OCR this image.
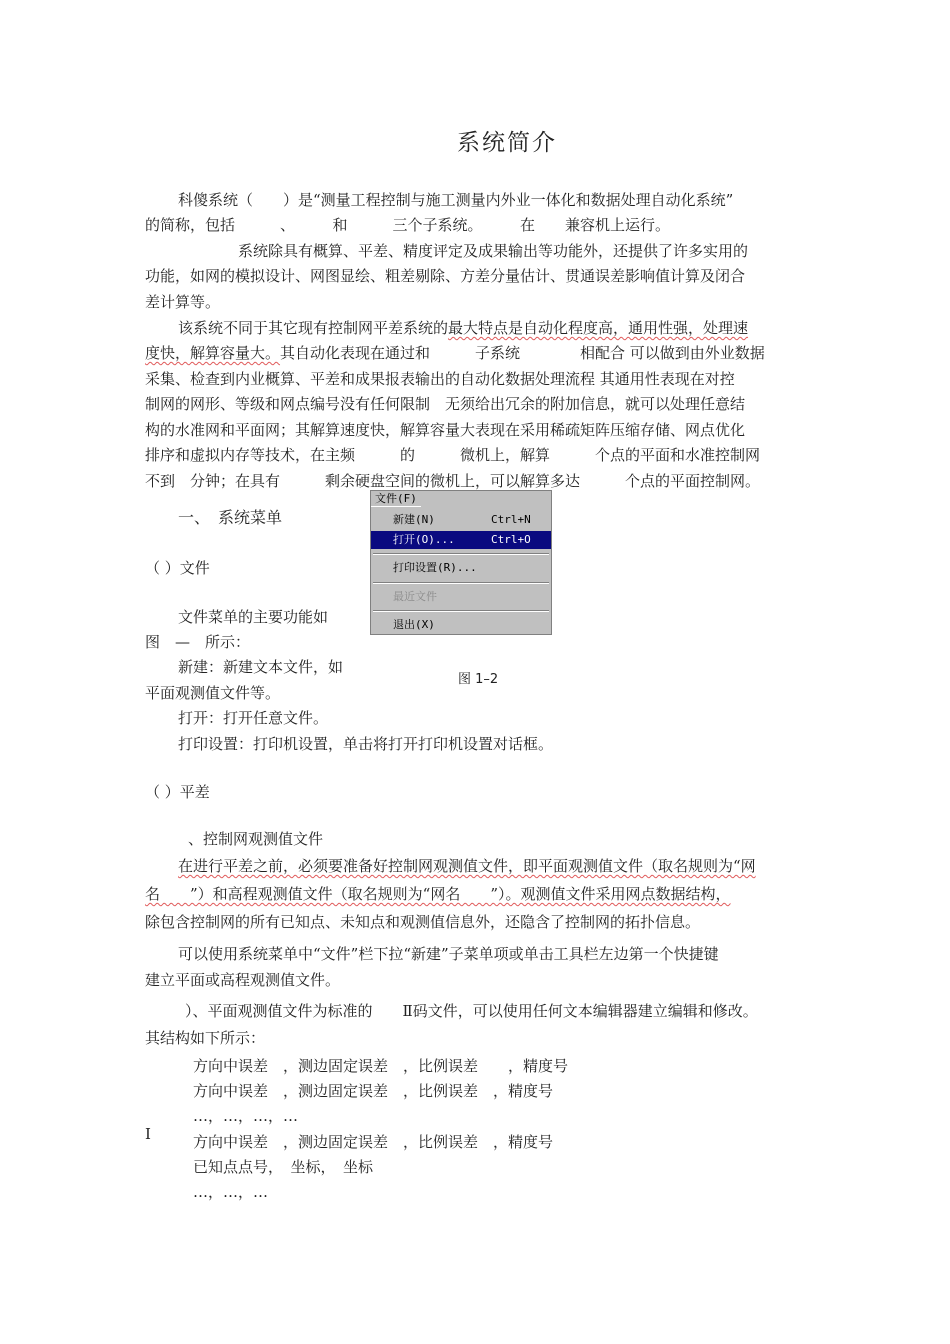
系统简介
科傻系统（　　）是“测量工程控制与施工测量内外业一体化和数据处理自动化系统”
的简称，包括　　　、　　　和　　　三个子系统。　　　在　　兼容机上运行。
系统除具有概算、平差、精度评定及成果输出等功能外，还提供了许多实用的
功能，如网的模拟设计、网图显绘、粗差剔除、方差分量估计、贯通误差影响值计算及闭合
差计算等。
该系统不同于其它现有控制网平差系统的最大特点是自动化程度高，通用性强，处理速
度快，解算容量大。其自动化表现在通过和　　　子系统　　　　相配合 可以做到由外业数据
采集、检查到内业概算、平差和成果报表输出的自动化数据处理流程 其通用性表现在对控
制网的网形、等级和网点编号没有任何限制　无须给出冗余的附加信息，就可以处理任意结
构的水准网和平面网；其解算速度快，解算容量大表现在采用稀疏矩阵压缩存储、网点优化
排序和虚拟内存等技术，在主频　　　的　　　微机上，解算　　　个点的平面和水准控制网
不到　分钟；在具有　　　剩余硬盘空间的微机上，可以解算多达　　　个点的平面控制网。
一、　系统菜单
（ ）文件
文件菜单的主要功能如
图　—　所示：
新建：新建文本文件，如
平面观测值文件等。
打开：打开任意文件。
打印设置：打印机设置，单击将打开打印机设置对话框。
（ ）平差
文件(F)
新建(N)	Ctrl+N
打开(O)...	Ctrl+O
打印设置(R)...
最近文件
退出(X)
图 1–2
、控制网观测值文件
在进行平差之前，必须要准备好控制网观测值文件，即平面观测值文件（取名规则为“网
名　　”）和高程观测值文件（取名规则为“网名　　”）。观测值文件采用网点数据结构，
除包含控制网的所有已知点、未知点和观测值信息外，还隐含了控制网的拓扑信息。
可以使用系统菜单中“文件”栏下拉“新建”子菜单项或单击工具栏左边第一个快捷键
建立平面或高程观测值文件。
）、平面观测值文件为标准的　　Ⅱ码文件，可以使用任何文本编辑器建立编辑和修改。
其结构如下所示：
方向中误差　，测边固定误差　，比例误差　　，精度号
方向中误差　，测边固定误差　，比例误差　，精度号
…，…，…，…
I	方向中误差　，测边固定误差　，比例误差　，精度号
已知点点号，　坐标，　坐标
…，…，…
